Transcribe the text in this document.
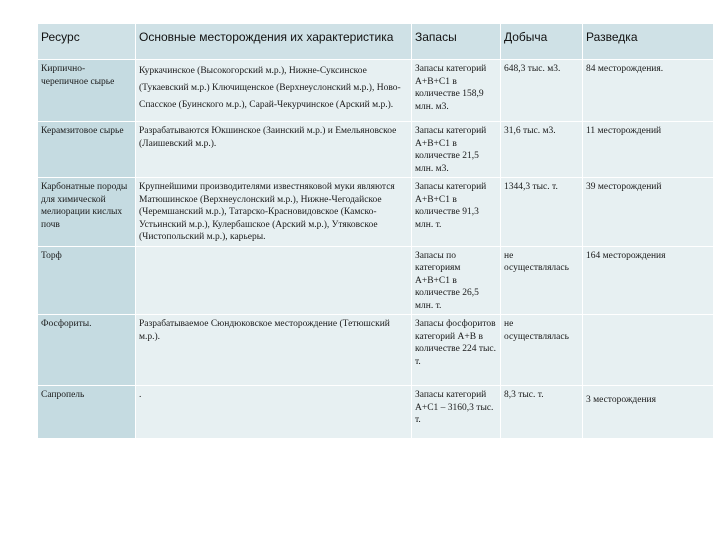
Ресурс	Основные месторождения их характеристика	Запасы	Добыча	Разведка
Кирпично-черепичное сырье	Куркачинское (Высокогорский м.р.), Нижне-Суксинское (Тукаевский м.р.) Ключищенское (Верхнеуслонский м.р.), Ново-Спасское (Буинского м.р.), Сарай-Чекурчинское (Арский м.р.).	Запасы категорий А+В+С1 в количестве 158,9 млн. м3.	648,3 тыс. м3.	84 месторождения.
Керамзитовое сырье	Разрабатываются Юкшинское (Заинский м.р.) и Емельяновское (Лаишевский м.р.).	Запасы категорий А+В+С1 в количестве 21,5 млн. м3.	31,6 тыс. м3.	11 месторождений
Карбонатные породы для химической мелиорации кислых почв	Крупнейшими производителями известняковой муки являются Матюшинское (Верхнеуслонский м.р.), Нижне-Чегодайское (Черемшанский м.р.), Татарско-Красновидовское (Камско-Устьинский м.р.), Кулербашское (Арский м.р.), Утяковское (Чистопольский м.р.), карьеры.	Запасы категорий А+В+С1 в количестве 91,3 млн. т.	1344,3 тыс. т.	39 месторождений
Торф		Запасы по категориям А+В+С1 в количестве 26,5 млн. т.	не осуществлялась	164 месторождения
Фосфориты.	Разрабатываемое Сюндюковское месторождение (Тетюшский м.р.).	Запасы фосфоритов категорий А+В в количестве 224 тыс. т.	не осуществлялась	
Сапропель	.	Запасы категорий А+С1 – 3160,3 тыс. т.	8,3 тыс. т.	3 месторождения
